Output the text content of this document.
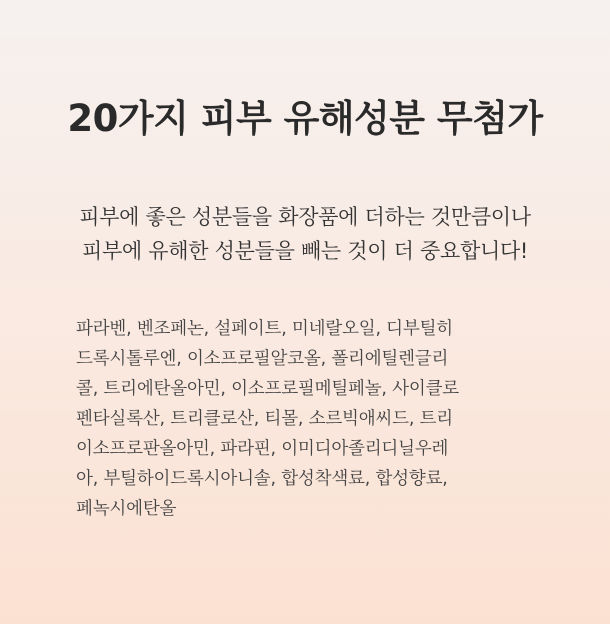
20가지 피부 유해성분 무첨가
피부에 좋은 성분들을 화장품에 더하는 것만큼이나
피부에 유해한 성분들을 빼는 것이 더 중요합니다!
파라벤, 벤조페논, 설페이트, 미네랄오일, 디부틸히
드록시톨루엔, 이소프로필알코올, 폴리에틸렌글리
콜, 트리에탄올아민, 이소프로필메틸페놀, 사이클로
펜타실록산, 트리클로산, 티몰, 소르빅애씨드, 트리
이소프로판올아민, 파라핀, 이미디아졸리디닐우레
아, 부틸하이드록시아니솔, 합성착색료, 합성향료,
페녹시에탄올
